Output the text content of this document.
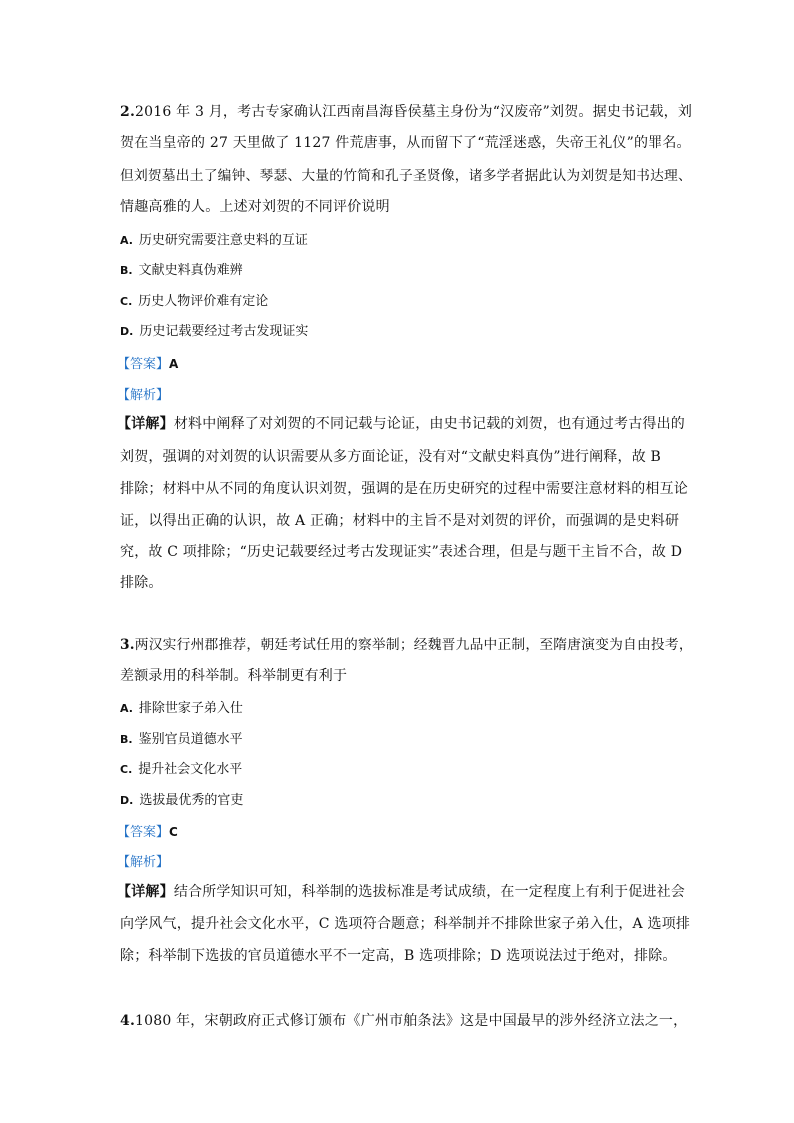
2.2016 年 3 月，考古专家确认江西南昌海昏侯墓主身份为“汉废帝”刘贺。据史书记载，刘
贺在当皇帝的 27 天里做了 1127 件荒唐事，从而留下了“荒淫迷惑，失帝王礼仪”的罪名。
但刘贺墓出土了编钟、琴瑟、大量的竹简和孔子圣贤像，诸多学者据此认为刘贺是知书达理、
情趣高雅的人。上述对刘贺的不同评价说明
A. 历史研究需要注意史料的互证
B. 文献史料真伪难辨
C. 历史人物评价难有定论
D. 历史记载要经过考古发现证实
【答案】A
【解析】
【详解】材料中阐释了对刘贺的不同记载与论证，由史书记载的刘贺，也有通过考古得出的
刘贺，强调的对刘贺的认识需要从多方面论证，没有对“文献史料真伪”进行阐释，故 B
排除；材料中从不同的角度认识刘贺，强调的是在历史研究的过程中需要注意材料的相互论
证，以得出正确的认识，故 A 正确；材料中的主旨不是对刘贺的评价，而强调的是史料研
究，故 C 项排除；“历史记载要经过考古发现证实”表述合理，但是与题干主旨不合，故 D
排除。
3.两汉实行州郡推荐，朝廷考试任用的察举制；经魏晋九品中正制，至隋唐演变为自由投考，
差额录用的科举制。科举制更有利于
A. 排除世家子弟入仕
B. 鉴别官员道德水平
C. 提升社会文化水平
D. 选拔最优秀的官吏
【答案】C
【解析】
【详解】结合所学知识可知，科举制的选拔标准是考试成绩，在一定程度上有利于促进社会
向学风气，提升社会文化水平，C 选项符合题意；科举制并不排除世家子弟入仕，A 选项排
除；科举制下选拔的官员道德水平不一定高，B 选项排除；D 选项说法过于绝对，排除。
4.1080 年，宋朝政府正式修订颁布《广州市舶条法》这是中国最早的涉外经济立法之一，
